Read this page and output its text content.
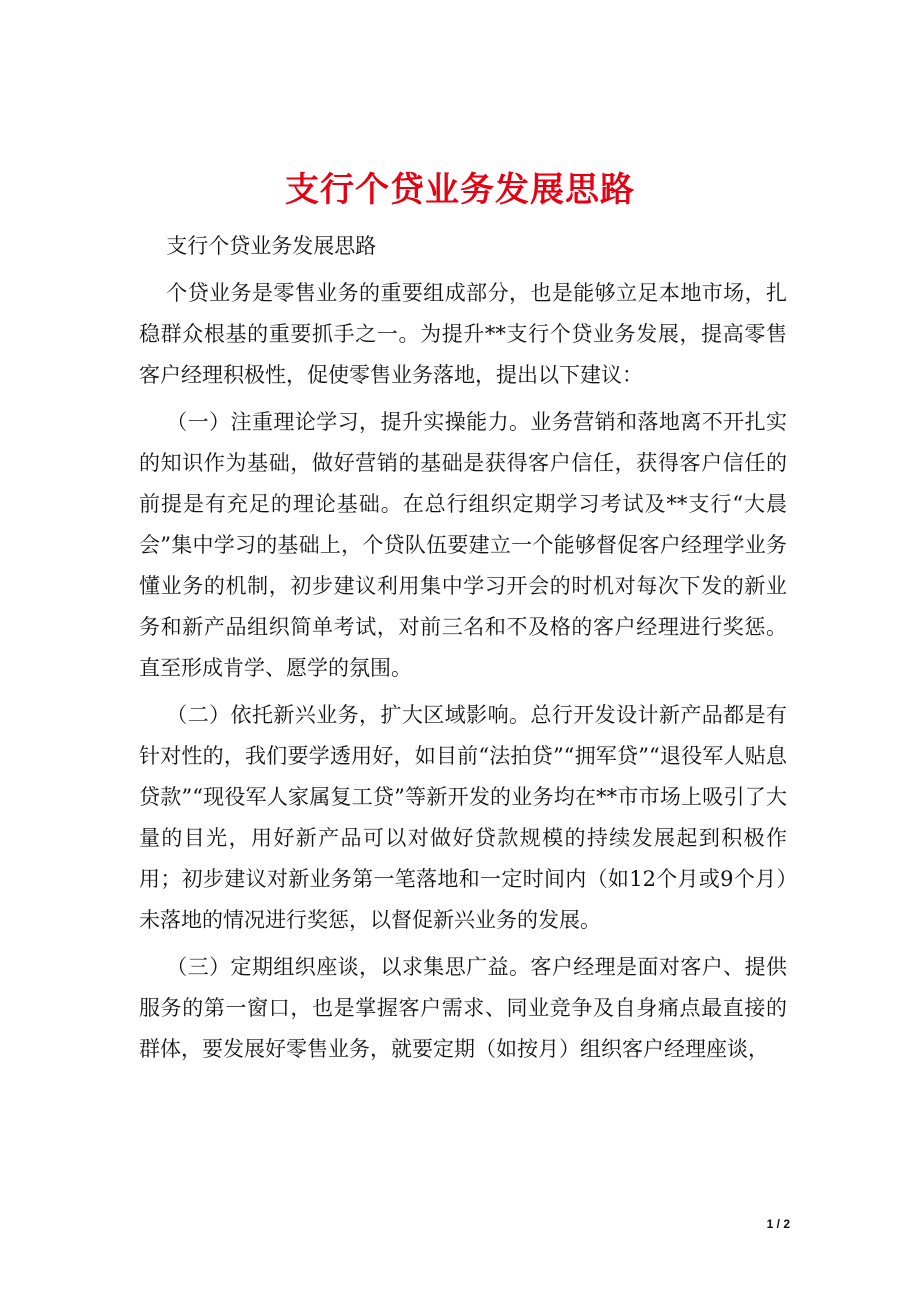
支行个贷业务发展思路

支行个贷业务发展思路

个贷业务是零售业务的重要组成部分，也是能够立足本地市场，扎稳群众根基的重要抓手之一。为提升**支行个贷业务发展，提高零售客户经理积极性，促使零售业务落地，提出以下建议：

（一）注重理论学习，提升实操能力。业务营销和落地离不开扎实的知识作为基础，做好营销的基础是获得客户信任，获得客户信任的前提是有充足的理论基础。在总行组织定期学习考试及**支行“大晨会”集中学习的基础上，个贷队伍要建立一个能够督促客户经理学业务懂业务的机制，初步建议利用集中学习开会的时机对每次下发的新业务和新产品组织简单考试，对前三名和不及格的客户经理进行奖惩。直至形成肯学、愿学的氛围。

（二）依托新兴业务，扩大区域影响。总行开发设计新产品都是有针对性的，我们要学透用好，如目前“法拍贷”“拥军贷”“退役军人贴息贷款”“现役军人家属复工贷”等新开发的业务均在**市市场上吸引了大量的目光，用好新产品可以对做好贷款规模的持续发展起到积极作用；初步建议对新业务第一笔落地和一定时间内（如12个月或9个月）未落地的情况进行奖惩，以督促新兴业务的发展。

（三）定期组织座谈，以求集思广益。客户经理是面对客户、提供服务的第一窗口，也是掌握客户需求、同业竞争及自身痛点最直接的群体，要发展好零售业务，就要定期（如按月）组织客户经理座谈，

1 / 2
